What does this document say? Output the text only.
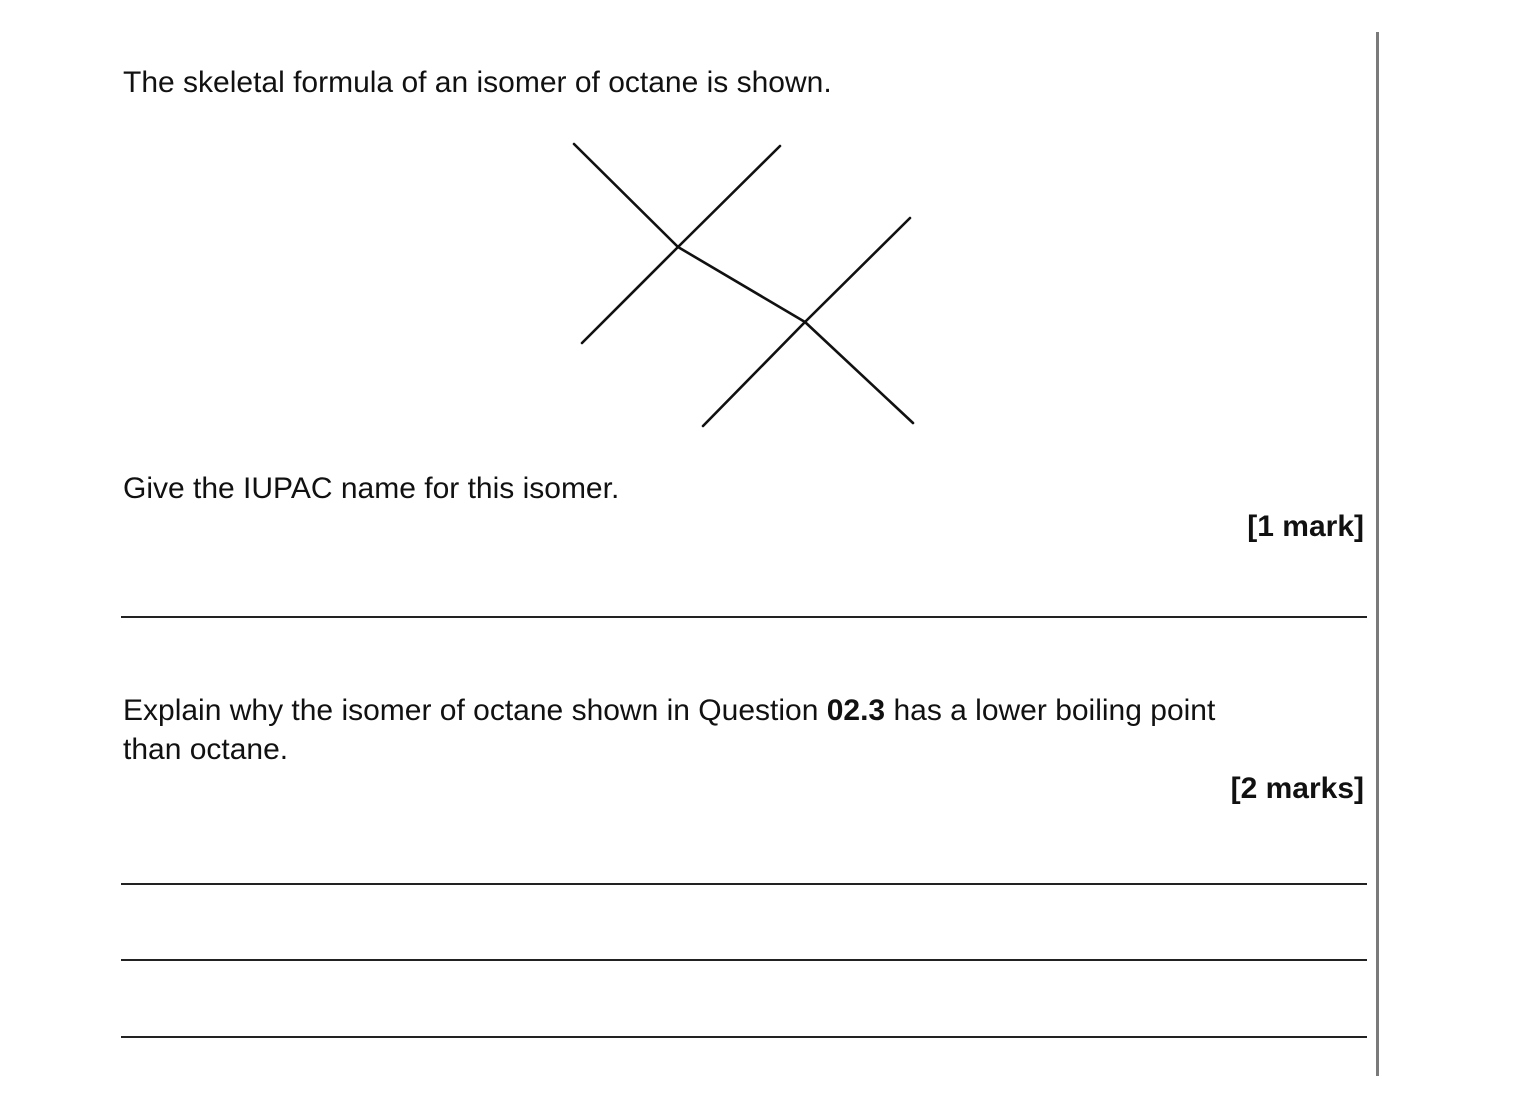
The skeletal formula of an isomer of octane is shown.
Give the IUPAC name for this isomer.
[1 mark]
Explain why the isomer of octane shown in Question 02.3 has a lower boiling point
than octane.
[2 marks]
